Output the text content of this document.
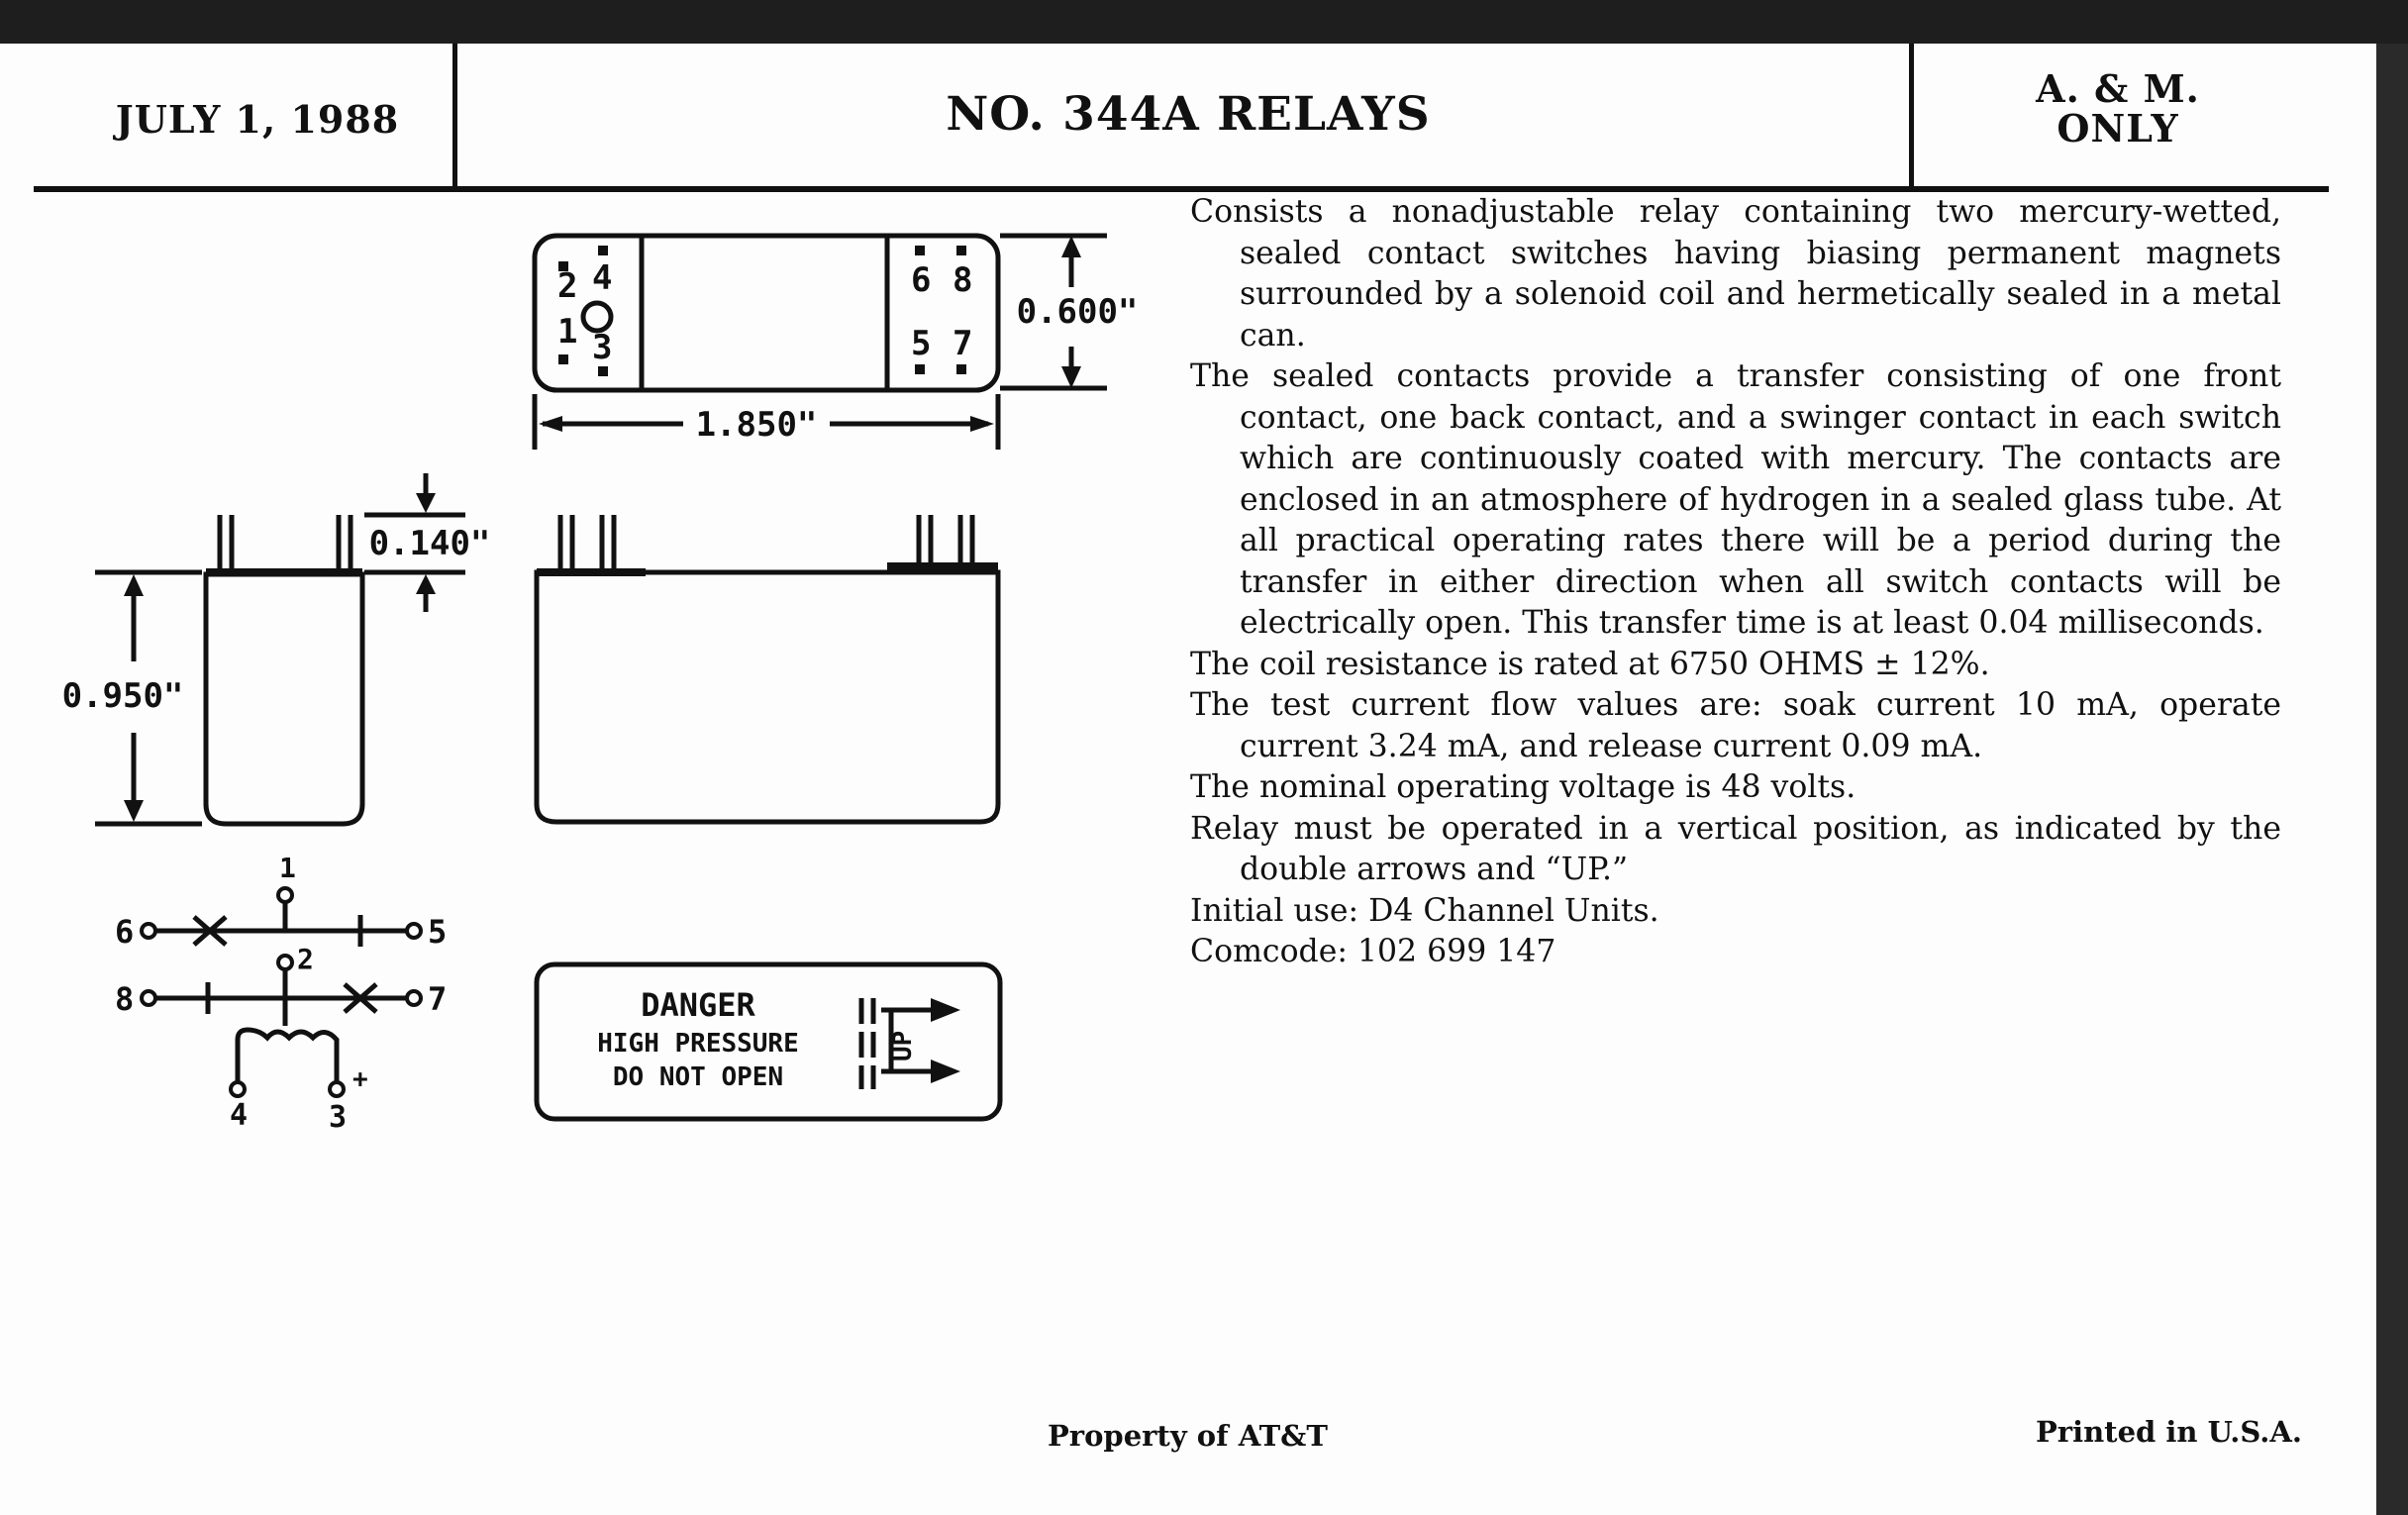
JULY 1, 1988	NO. 344A RELAYS	A. & M.
ONLY
0.600"
1.850"
0.950"
0.140"
2 4
1 3
6 8
5 7
1
2
6	5
8	7
4	3
+
DANGER
HIGH PRESSURE
DO NOT OPEN
UP

Consists a nonadjustable relay containing two mercury-wetted, sealed contact switches having biasing permanent magnets surrounded by a solenoid coil and hermetically sealed in a metal can.

The sealed contacts provide a transfer consisting of one front contact, one back contact, and a swinger contact in each switch which are continuously coated with mercury. The contacts are enclosed in an atmosphere of hydrogen in a sealed glass tube. At all practical operating rates there will be a period during the transfer in either direction when all switch contacts will be electrically open. This transfer time is at least 0.04 milliseconds.

The coil resistance is rated at 6750 OHMS ± 12%.

The test current flow values are: soak current 10 mA, operate current 3.24 mA, and release current 0.09 mA.

The nominal operating voltage is 48 volts.

Relay must be operated in a vertical position, as indicated by the double arrows and “UP.”

Initial use: D4 Channel Units.

Comcode: 102 699 147

Property of AT&T	Printed in U.S.A.
